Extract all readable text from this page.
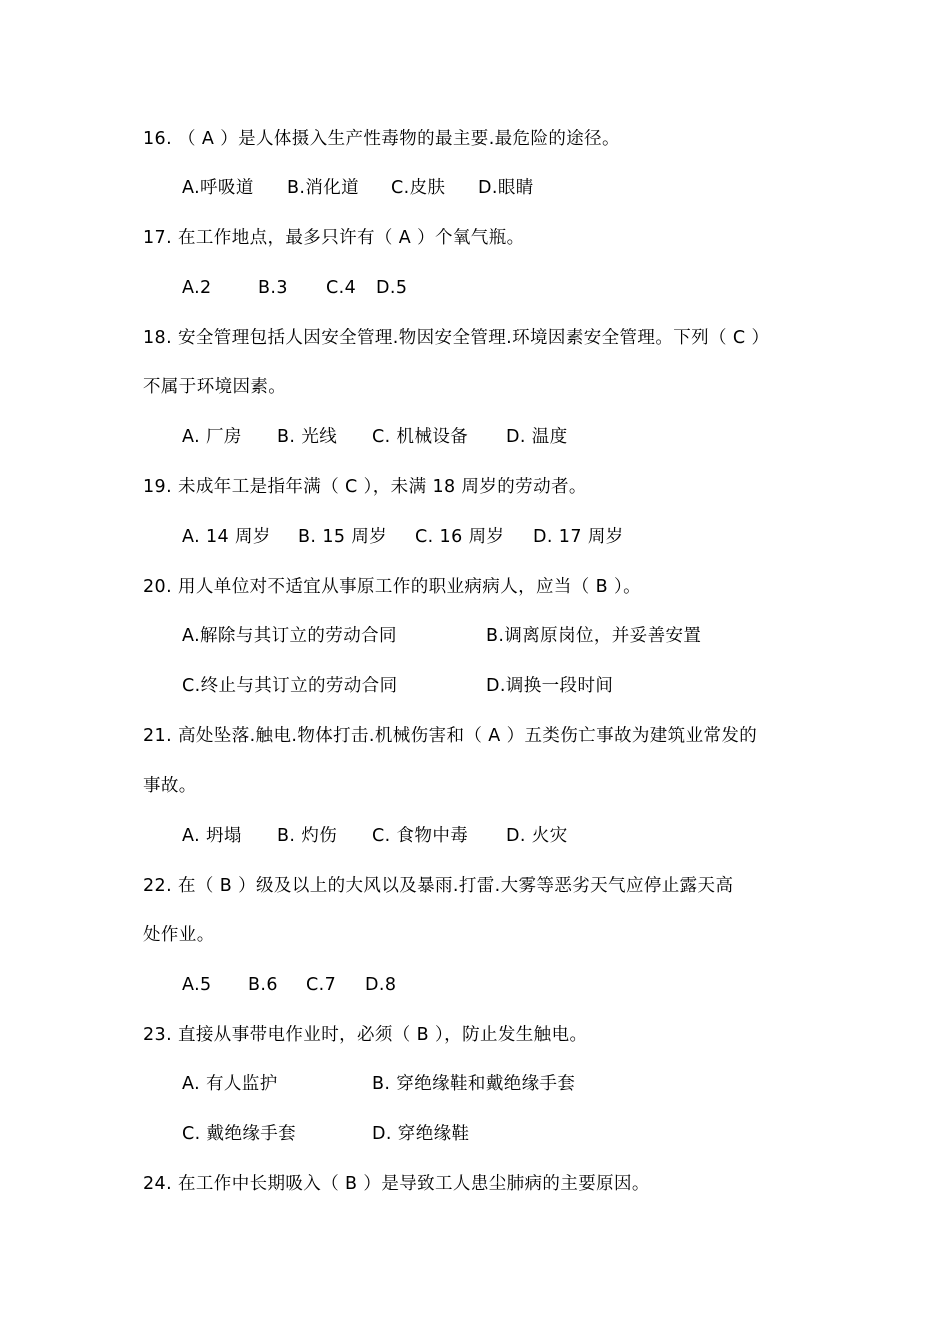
16. （ A ）是人体摄入生产性毒物的最主要.最危险的途径。
A.呼吸道 B.消化道 C.皮肤 D.眼睛
17. 在工作地点，最多只许有（ A ）个氧气瓶。
A.2	B.3 C.4 D.5
18. 安全管理包括人因安全管理.物因安全管理.环境因素安全管理。下列（ C ）
不属于环境因素。
A. 厂房 B. 光线 C. 机械设备 D. 温度
19. 未成年工是指年满（ C ），未满 18 周岁的劳动者。
A. 14 周岁 B. 15 周岁 C. 16 周岁 D. 17 周岁
20. 用人单位对不适宜从事原工作的职业病病人，应当（ B ）。
A.解除与其订立的劳动合同	B.调离原岗位，并妥善安置
C.终止与其订立的劳动合同	D.调换一段时间
21. 高处坠落.触电.物体打击.机械伤害和（ A ）五类伤亡事故为建筑业常发的
事故。
A. 坍塌 B. 灼伤 C. 食物中毒 D. 火灾
22. 在（ B ）级及以上的大风以及暴雨.打雷.大雾等恶劣天气应停止露天高
处作业。
A.5 B.6 C.7 D.8
23. 直接从事带电作业时，必须（ B ），防止发生触电。
A. 有人监护	B. 穿绝缘鞋和戴绝缘手套
C. 戴绝缘手套	D. 穿绝缘鞋
24. 在工作中长期吸入（ B ）是导致工人患尘肺病的主要原因。
